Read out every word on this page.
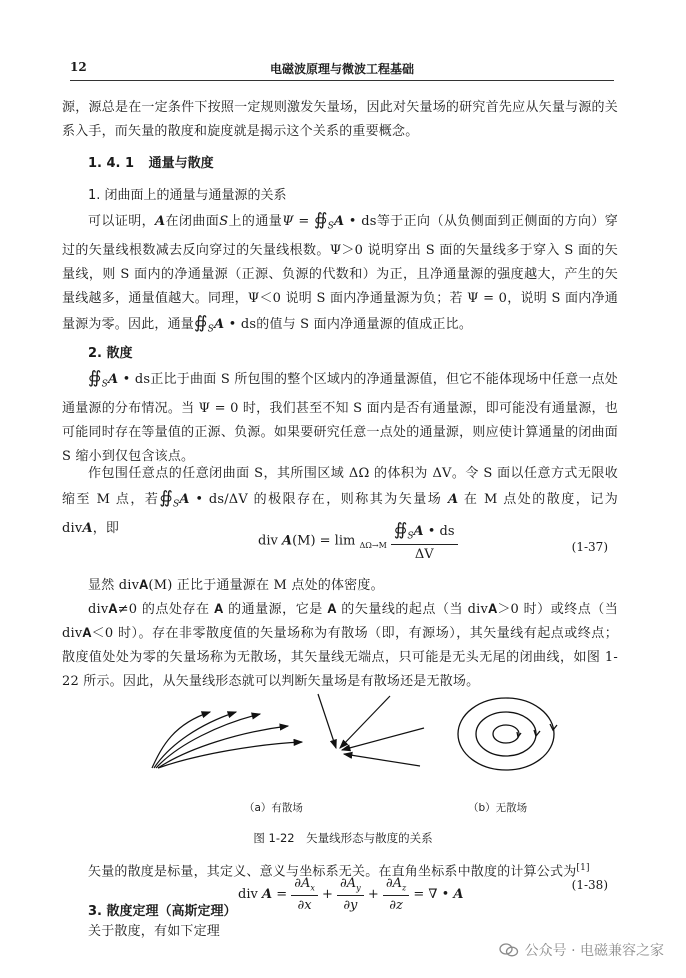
12	电磁波原理与微波工程基础

源，源总是在一定条件下按照一定规则激发矢量场，因此对矢量场的研究首先应从矢量与源的关系入手，而矢量的散度和旋度就是揭示这个关系的重要概念。

1. 4. 1 通量与散度
1. 闭曲面上的通量与通量源的关系

可以证明，A在闭曲面S上的通量$\Psi = ∯_SA$ • ds等于正向（从负侧面到正侧面的方向）穿过的矢量线根数减去反向穿过的矢量线根数。Ψ＞0 说明穿出 S 面的矢量线多于穿入 S 面的矢量线，则 S 面内的净通量源（正源、负源的代数和）为正，且净通量源的强度越大，产生的矢量线越多，通量值越大。同理，Ψ＜0 说明 S 面内净通量源为负；若 Ψ = 0，说明 S 面内净通量源为零。因此，通量$∯_SA$ • ds的值与 S 面内净通量源的值成正比。

2. 散度

$∯_SA$ • ds正比于曲面 S 所包围的整个区域内的净通量源值，但它不能体现场中任意一点处通量源的分布情况。当 Ψ = 0 时，我们甚至不知 S 面内是否有通量源，即可能没有通量源，也可能同时存在等量值的正源、负源。如果要研究任意一点处的通量源，则应使计算通量的闭曲面 S 缩小到仅包含该点。

作包围任意点的任意闭曲面 S，其所围区域 ΔΩ 的体积为 ΔV。令 S 面以任意方式无限收缩至 M 点，若$∯_SA$ • ds/ΔV 的极限存在，则称其为矢量场 A 在 M 点处的散度，记为 divA，即

div $A(M) = \lim _{\Delta\Omega\to M} \frac{∯_SA • ds}{\Delta V}$	(1-37)

显然 div𝐀(M) 正比于通量源在 M 点处的体密度。

div𝐀≠0 的点处存在 𝐀 的通量源，它是 𝐀 的矢量线的起点（当 div𝐀＞0 时）或终点（当 div𝐀＜0 时）。存在非零散度值的矢量场称为有散场（即，有源场），其矢量线有起点或终点；散度值处处为零的矢量场称为无散场，其矢量线无端点，只可能是无头无尾的闭曲线，如图 1-22 所示。因此，从矢量线形态就可以判断矢量场是有散场还是无散场。

（a）有散场	（b）无散场
图 1-22　矢量线形态与散度的关系

矢量的散度是标量，其定义、意义与坐标系无关。在直角坐标系中散度的计算公式为[1]

div $A = \frac{\partial A_x}{\partial x} + \frac{\partial A_y}{\partial y} + \frac{\partial A_z}{\partial z}$ = ∇ • A
(1-38)
3. 散度定理（高斯定理）

关于散度，有如下定理

公众号 · 电磁兼容之家
